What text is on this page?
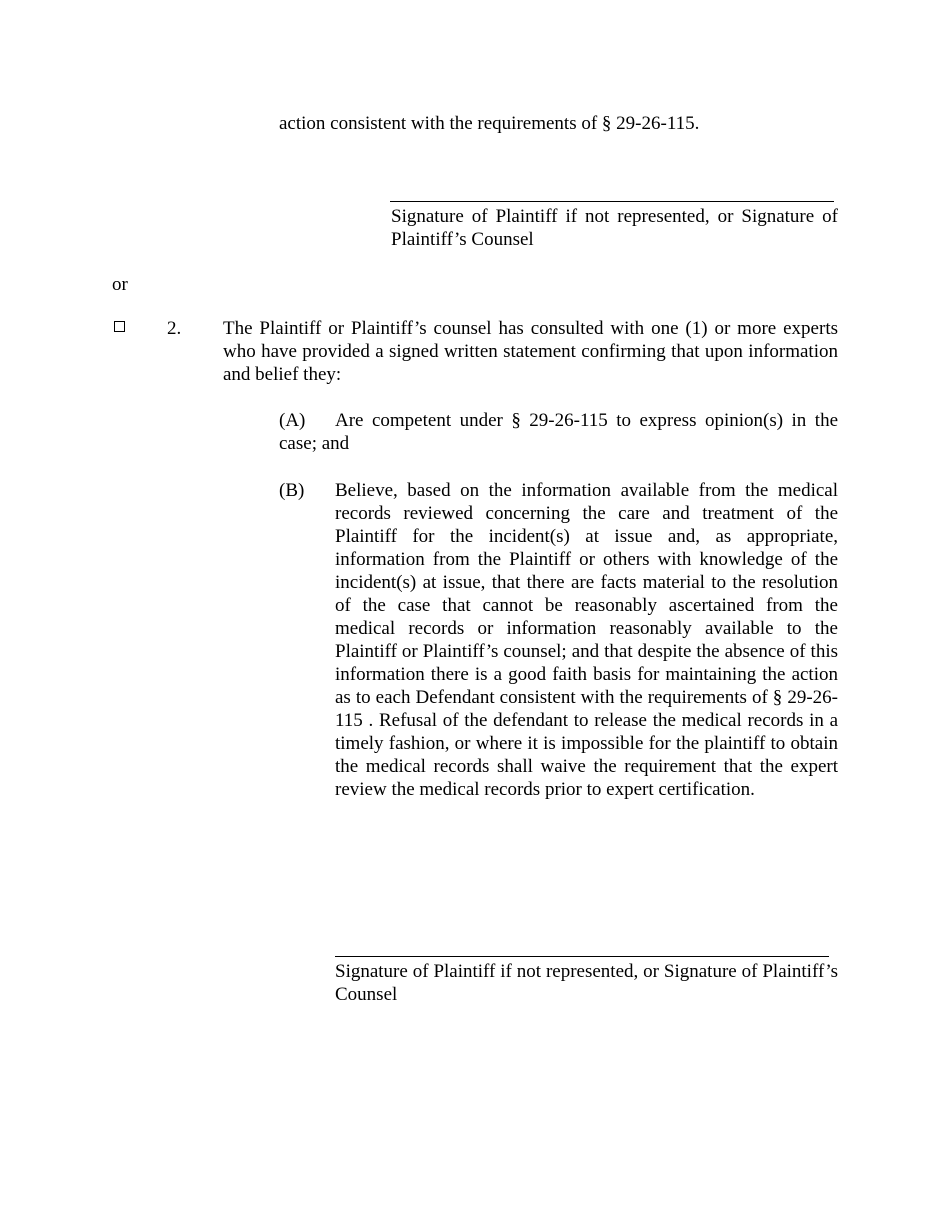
action consistent with the requirements of § 29-26-115.
Signature of Plaintiff if not represented, or Signature of Plaintiff’s Counsel
or
2. The Plaintiff or Plaintiff’s counsel has consulted with one (1) or more experts who have provided a signed written statement confirming that upon information and belief they:
Are competent under § 29-26-115 to express opinion(s) in the case; and
(A)
(B) Believe, based on the information available from the medical records reviewed concerning the care and treatment of the Plaintiff for the incident(s) at issue and, as appropriate, information from the Plaintiff or others with knowledge of the incident(s) at issue, that there are facts material to the resolution of the case that cannot be reasonably ascertained from the medical records or information reasonably available to the Plaintiff or Plaintiff’s counsel; and that despite the absence of this information there is a good faith basis for maintaining the action as to each Defendant consistent with the requirements of § 29-26-115 . Refusal of the defendant to release the medical records in a timely fashion, or where it is impossible for the plaintiff to obtain the medical records shall waive the requirement that the expert review the medical records prior to expert certification.
Signature of Plaintiff if not represented, or Signature of Plaintiff’s Counsel
